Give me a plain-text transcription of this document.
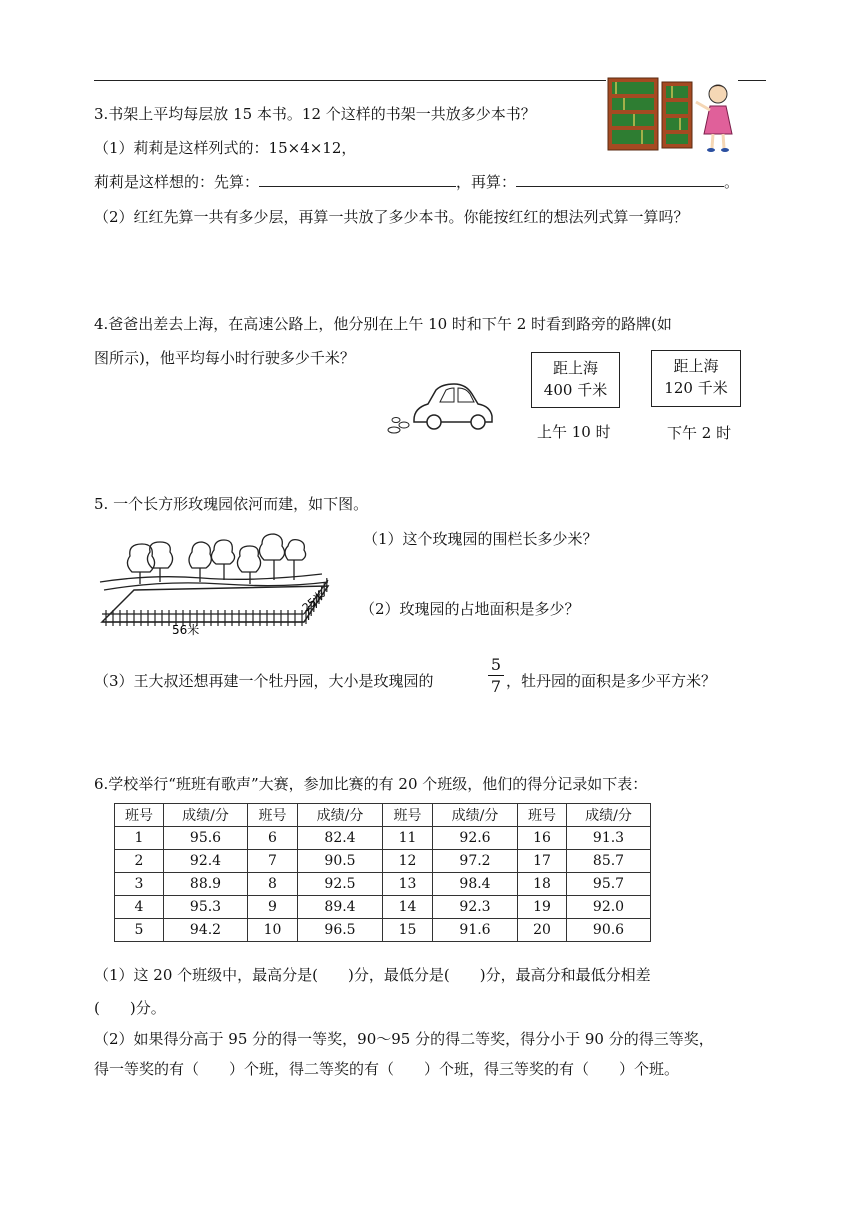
3.书架上平均每层放 15 本书。12 个这样的书架一共放多少本书？
（1）莉莉是这样列式的：15×4×12，
莉莉是这样想的：先算：	，再算：	。
（2）红红先算一共有多少层，再算一共放了多少本书。你能按红红的想法列式算一算吗？
4.爸爸出差去上海，在高速公路上，他分别在上午 10 时和下午 2 时看到路旁的路牌(如
图所示)，他平均每小时行驶多少千米？
距上海
400 千米
上午 10 时
距上海
120 千米
下午 2 时
5. 一个长方形玫瑰园依河而建，如下图。
56米
25米
（1）这个玫瑰园的围栏长多少米？
（2）玫瑰园的占地面积是多少？
（3）王大叔还想再建一个牡丹园，大小是玫瑰园的
5
7 ，牡丹园的面积是多少平方米？
6.学校举行“班班有歌声”大赛，参加比赛的有 20 个班级，他们的得分记录如下表：
班号	成绩/分	班号	成绩/分	班号	成绩/分	班号	成绩/分
1	95.6	6	82.4	11	92.6	16	91.3
2	92.4	7	90.5	12	97.2	17	85.7
3	88.9	8	92.5	13	98.4	18	95.7
4	95.3	9	89.4	14	92.3	19	92.0
5	94.2	10	96.5	15	91.6	20	90.6
（1）这 20 个班级中，最高分是(　　)分，最低分是(　　)分，最高分和最低分相差
(　　)分。
（2）如果得分高于 95 分的得一等奖，90～95 分的得二等奖，得分小于 90 分的得三等奖，
得一等奖的有（　　）个班，得二等奖的有（　　）个班，得三等奖的有（　　）个班。
